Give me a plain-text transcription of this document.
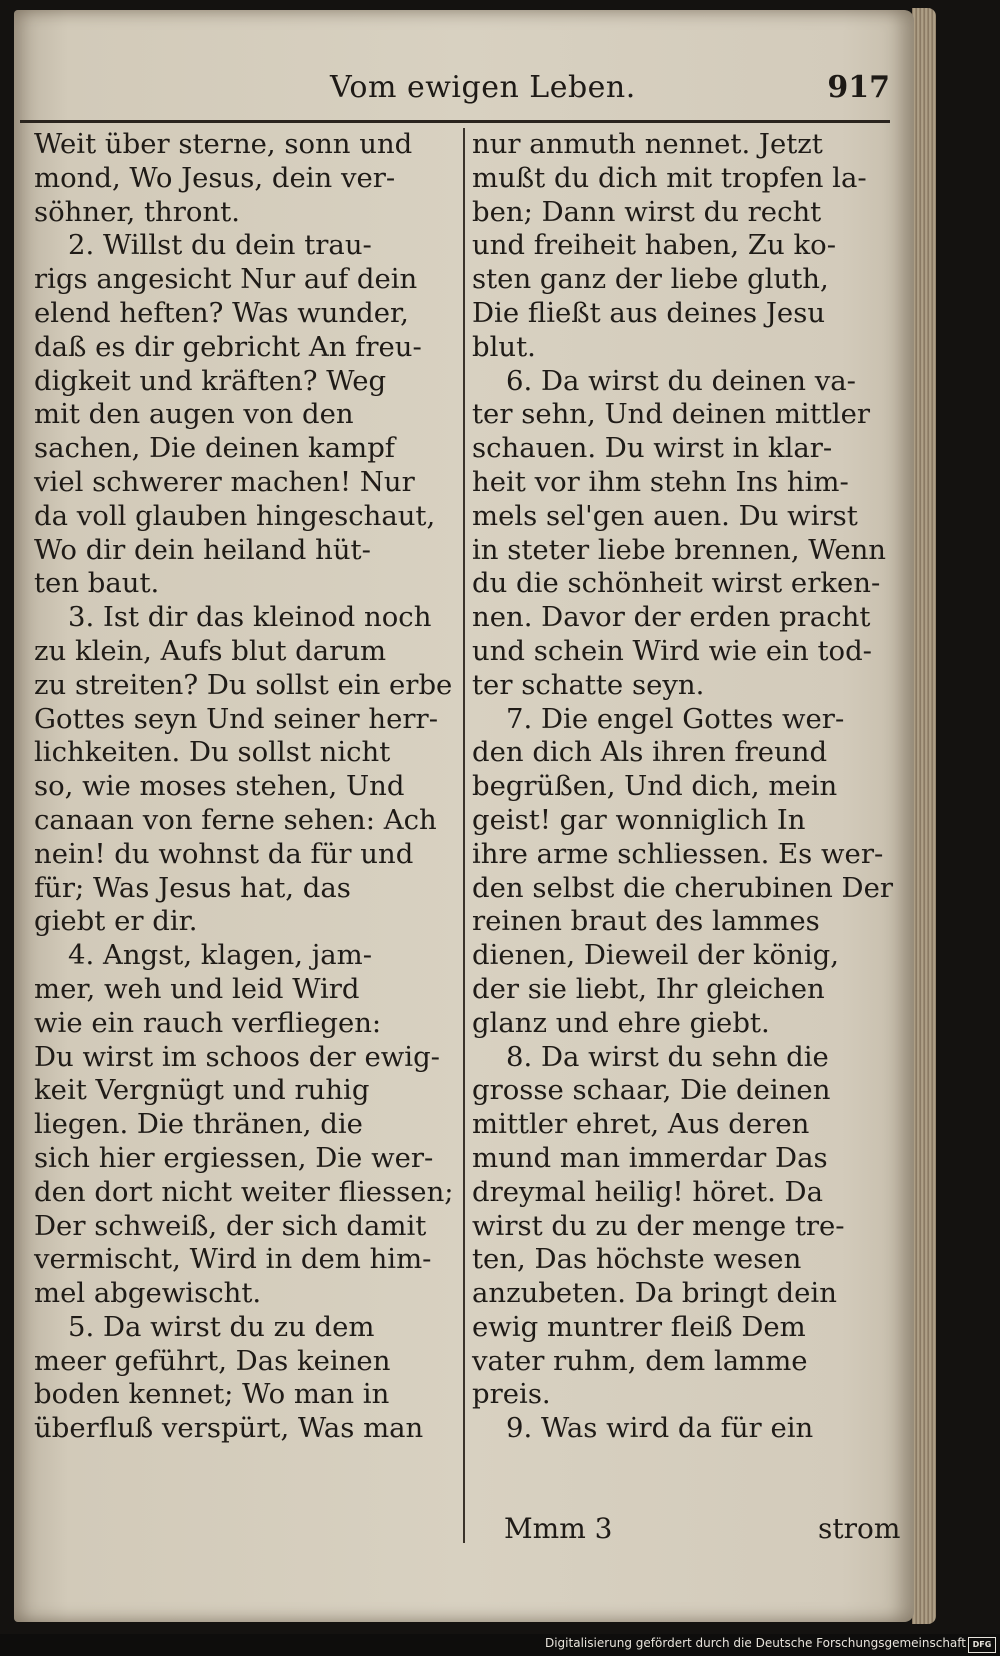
Vom ewigen Leben.	917
Weit über sterne, sonn und
mond, Wo Jesus, dein ver-
söhner, thront.
2. Willst du dein trau-
rigs angesicht Nur auf dein
elend heften? Was wunder,
daß es dir gebricht An freu-
digkeit und kräften? Weg
mit den augen von den
sachen, Die deinen kampf
viel schwerer machen! Nur
da voll glauben hingeschaut,
Wo dir dein heiland hüt-
ten baut.
3. Ist dir das kleinod noch
zu klein, Aufs blut darum
zu streiten? Du sollst ein erbe
Gottes seyn Und seiner herr-
lichkeiten. Du sollst nicht
so, wie moses stehen, Und
canaan von ferne sehen: Ach
nein! du wohnst da für und
für; Was Jesus hat, das
giebt er dir.
4. Angst, klagen, jam-
mer, weh und leid Wird
wie ein rauch verfliegen:
Du wirst im schoos der ewig-
keit Vergnügt und ruhig
liegen. Die thränen, die
sich hier ergiessen, Die wer-
den dort nicht weiter fliessen;
Der schweiß, der sich damit
vermischt, Wird in dem him-
mel abgewischt.
5. Da wirst du zu dem
meer geführt, Das keinen
boden kennet; Wo man in
überfluß verspürt, Was man
nur anmuth nennet. Jetzt
mußt du dich mit tropfen la-
ben; Dann wirst du recht
und freiheit haben, Zu ko-
sten ganz der liebe gluth,
Die fließt aus deines Jesu
blut.
6. Da wirst du deinen va-
ter sehn, Und deinen mittler
schauen. Du wirst in klar-
heit vor ihm stehn Ins him-
mels sel'gen auen. Du wirst
in steter liebe brennen, Wenn
du die schönheit wirst erken-
nen. Davor der erden pracht
und schein Wird wie ein tod-
ter schatte seyn.
7. Die engel Gottes wer-
den dich Als ihren freund
begrüßen, Und dich, mein
geist! gar wonniglich In
ihre arme schliessen. Es wer-
den selbst die cherubinen Der
reinen braut des lammes
dienen, Dieweil der könig,
der sie liebt, Ihr gleichen
glanz und ehre giebt.
8. Da wirst du sehn die
grosse schaar, Die deinen
mittler ehret, Aus deren
mund man immerdar Das
dreymal heilig! höret. Da
wirst du zu der menge tre-
ten, Das höchste wesen
anzubeten. Da bringt dein
ewig muntrer fleiß Dem
vater ruhm, dem lamme
preis.
9. Was wird da für ein
Mmm 3	strom
Digitalisierung gefördert durch die Deutsche Forschungsgemeinschaft DFG
